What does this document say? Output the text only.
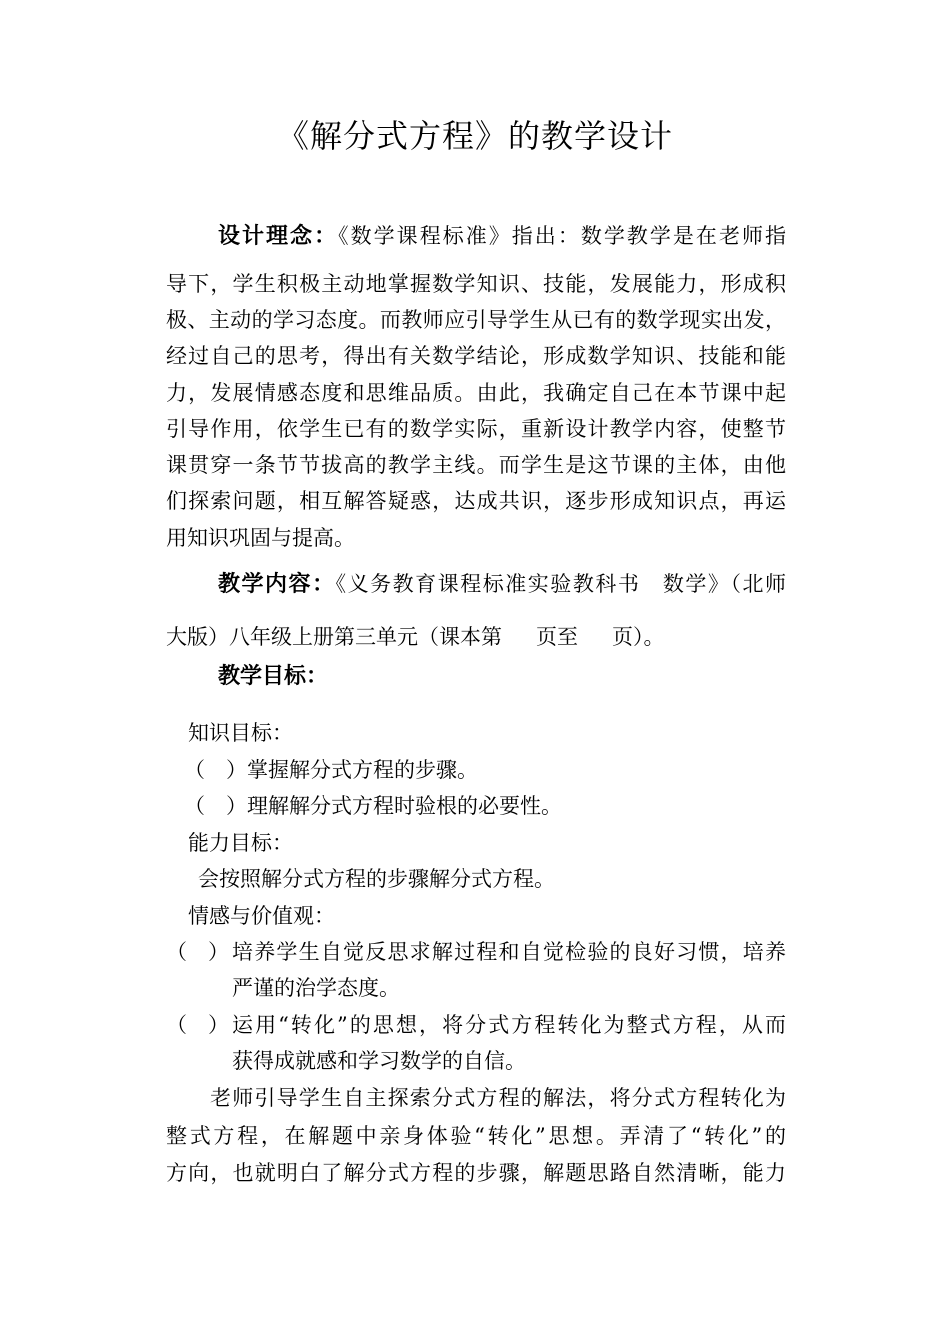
《解分式方程》的教学设计
设计理念：《数学课程标准》指出：数学教学是在老师指
导下，学生积极主动地掌握数学知识、技能，发展能力，形成积
极、主动的学习态度。而教师应引导学生从已有的数学现实出发，
经过自己的思考，得出有关数学结论，形成数学知识、技能和能
力，发展情感态度和思维品质。由此，我确定自己在本节课中起
引导作用，依学生已有的数学实际，重新设计教学内容，使整节
课贯穿一条节节拔高的教学主线。而学生是这节课的主体，由他
们探索问题，相互解答疑惑，达成共识，逐步形成知识点，再运
用知识巩固与提高。
教学内容：《义务教育课程标准实验教科书　数学》（北师
大版）八年级上册第三单元（课本第 页至 页）。
教学目标：
知识目标：
（　）掌握解分式方程的步骤。
（　）理解解分式方程时验根的必要性。
能力目标：
会按照解分式方程的步骤解分式方程。
情感与价值观：
（　） 培养学生自觉反思求解过程和自觉检验的良好习惯，培养
严谨的治学态度。
（　） 运用“转化”的思想，将分式方程转化为整式方程，从而
获得成就感和学习数学的自信。
老师引导学生自主探索分式方程的解法，将分式方程转化为
整式方程，在解题中亲身体验“转化”思想。弄清了“转化”的
方向，也就明白了解分式方程的步骤，解题思路自然清晰，能力
